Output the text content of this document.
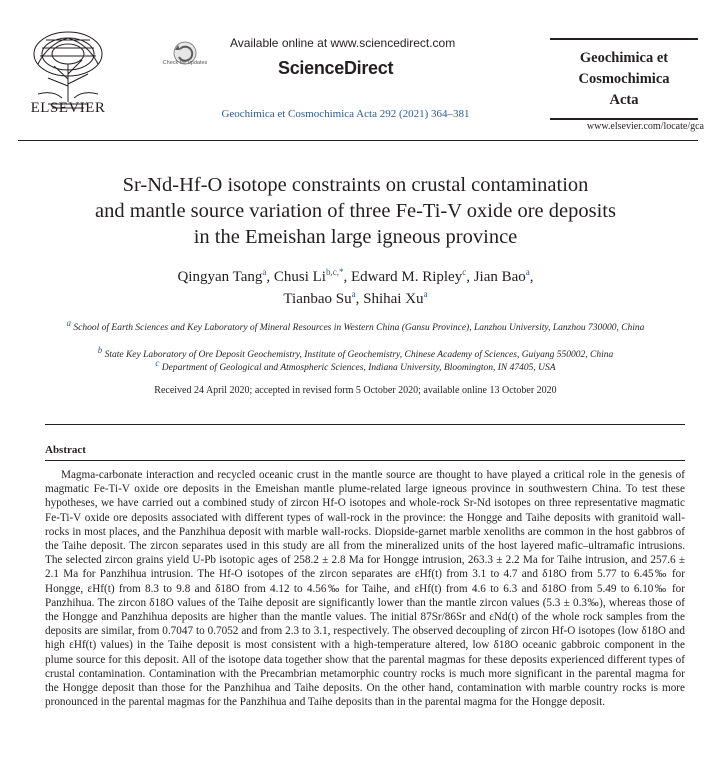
ELSEVIER
Check for updates
Available online at www.sciencedirect.com
ScienceDirect
Geochimica et Cosmochimica Acta 292 (2021) 364–381
Geochimica et
Cosmochimica
Acta
www.elsevier.com/locate/gca
Sr-Nd-Hf-O isotope constraints on crustal contamination
and mantle source variation of three Fe-Ti-V oxide ore deposits
in the Emeishan large igneous province
Qingyan Tang$^a$, Chusi $Li^{b,c,*}$, Edward M. Ripley$^c$, Jian Bao$^a$,
Tianbao Su$^a$, Shihai Xu$^a$
$^a$ School of Earth Sciences and Key Laboratory of Mineral Resources in Western China (Gansu Province), Lanzhou University, Lanzhou 730000, China
$^b$ State Key Laboratory of Ore Deposit Geochemistry, Institute of Geochemistry, Chinese Academy of Sciences, Guiyang 550002, China
$^c$ Department of Geological and Atmospheric Sciences, Indiana University, Bloomington, IN 47405, USA
Received 24 April 2020; accepted in revised form 5 October 2020; available online 13 October 2020
Abstract
Magma-carbonate interaction and recycled oceanic crust in the mantle source are thought to have played a critical role in the genesis of magmatic Fe-Ti-V oxide ore deposits in the Emeishan mantle plume-related large igneous province in southwestern China. To test these hypotheses, we have carried out a combined study of zircon Hf-O isotopes and whole-rock Sr-Nd isotopes on three representative magmatic Fe-Ti-V oxide ore deposits associated with different types of wall-rock in the province: the Hongge and Taihe deposits with granitoid wall-rocks in most places, and the Panzhihua deposit with marble wall-rocks. Diopside-garnet marble xenoliths are common in the host gabbros of the Taihe deposit. The zircon separates used in this study are all from the mineralized units of the host layered mafic–ultramafic intrusions. The selected zircon grains yield U-Pb isotopic ages of 258.2 ± 2.8 Ma for Hongge intrusion, 263.3 ± 2.2 Ma for Taihe intrusion, and 257.6 ± 2.1 Ma for Panzhihua intrusion. The Hf-O isotopes of the zircon separates are εHf(t) from 3.1 to 4.7 and δ18O from 5.77 to 6.45‰ for Hongge, εHf(t) from 8.3 to 9.8 and δ18O from 4.12 to 4.56‰ for Taihe, and εHf(t) from 4.6 to 6.3 and δ18O from 5.49 to 6.10‰ for Panzhihua. The zircon δ18O values of the Taihe deposit are significantly lower than the mantle zircon values (5.3 ± 0.3‰), whereas those of the Hongge and Panzhihua deposits are higher than the mantle values. The initial 87Sr/86Sr and εNd(t) of the whole rock samples from the deposits are similar, from 0.7047 to 0.7052 and from 2.3 to 3.1, respectively. The observed decoupling of zircon Hf-O isotopes (low δ18O and high εHf(t) values) in the Taihe deposit is most consistent with a high-temperature altered, low δ18O oceanic gabbroic component in the plume source for this deposit. All of the isotope data together show that the parental magmas for these deposits experienced different types of crustal contamination. Contamination with the Precambrian metamorphic country rocks is much more significant in the parental magma for the Hongge deposit than those for the Panzhihua and Taihe deposits. On the other hand, contamination with marble country rocks is more pronounced in the parental magmas for the Panzhihua and Taihe deposits than in the parental magma for the Hongge deposit.
